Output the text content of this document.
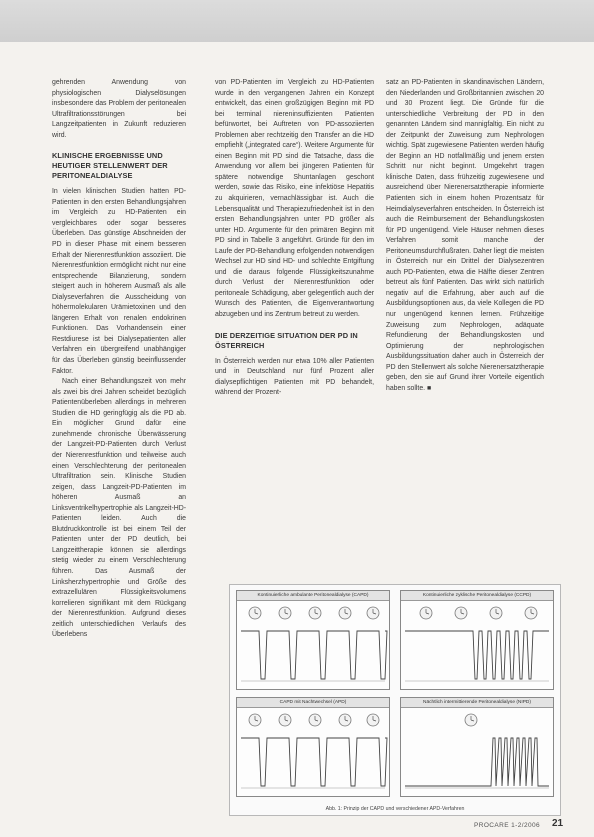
gehrenden Anwendung von physiologischen Dialyselösungen insbesondere das Problem der peritonealen Ultrafiltrationsstörungen bei Langzeitpatienten in Zukunft reduzieren wird.

KLINISCHE ERGEBNISSE UND HEUTIGER STELLENWERT DER PERITONEALDIALYSE

In vielen klinischen Studien hatten PD-Patienten in den ersten Behandlungsjahren im Vergleich zu HD-Patienten ein vergleichbares oder sogar besseres Überleben. Das günstige Abschneiden der PD in dieser Phase mit einem besseren Erhalt der Nierenrestfunktion assoziiert. Die Nierenrestfunktion ermöglicht nicht nur eine entsprechende Bilanzierung, sondern steigert auch in höherem Ausmaß als alle Dialyseverfahren die Ausscheidung von höhermolekularen Urämietoxinen und den längeren Erhalt von renalen endokrinen Funktionen. Das Vorhandensein einer Restdiurese ist bei Dialysepatienten aller Verfahren ein übergreifend unabhängiger für das Überleben günstig beeinflussender Faktor.

Nach einer Behandlungszeit von mehr als zwei bis drei Jahren scheidet bezüglich Patientenüberleben allerdings in mehreren Studien die HD geringfügig als die PD ab. Ein möglicher Grund dafür eine zunehmende chronische Überwässerung der Langzeit-PD-Patienten durch Verlust der Nierenrestfunktion und teilweise auch einen Verschlechterung der peritonealen Ultrafiltration sein. Klinische Studien zeigen, dass Langzeit-PD-Patienten im höheren Ausmaß an Linksventrikelhypertrophie als Langzeit-HD-Patienten leiden. Auch die Blutdruckkontrolle ist bei einem Teil der Patienten unter der PD deutlich, bei Langzeittherapie können sie allerdings stetig wieder zu einem Verschlechterung führen. Das Ausmaß der Linksherzhypertrophie und Größe des extrazellulären Flüssigkeitsvolumens korrelieren signifikant mit dem Rückgang der Nierenrestfunktion. Aufgrund dieses zeitlich unterschiedlichen Verlaufs des Überlebens

von PD-Patienten im Vergleich zu HD-Patienten wurde in den vergangenen Jahren ein Konzept entwickelt, das einen großzügigen Beginn mit PD bei terminal niereninsuffizienten Patienten befürwortet, bei Auftreten von PD-assoziierten Problemen aber rechtzeitig den Transfer an die HD empfiehlt („integrated care“). Weitere Argumente für einen Beginn mit PD sind die Tatsache, dass die Anwendung vor allem bei jüngeren Patienten für spätere notwendige Shuntanlagen geschont werden, sowie das Risiko, eine infektiöse Hepatitis zu akquirieren, vernachlässigbar ist. Auch die Lebensqualität und Therapiezufriedenheit ist in den ersten Behandlungsjahren unter PD größer als unter HD. Argumente für den primären Beginn mit PD sind in Tabelle 3 angeführt. Gründe für den im Laufe der PD-Behandlung erfolgenden notwendigen Wechsel zur HD sind HD- und schlechte Entgiftung und die daraus folgende Flüssigkeitszunahme durch Verlust der Nierenrestfunktion oder peritoneale Schädigung, aber gelegentlich auch der Wunsch des Patienten, die Eigenverantwortung abzugeben und ins Zentrum betreut zu werden.

DIE DERZEITIGE SITUATION DER PD IN ÖSTERREICH

In Österreich werden nur etwa 10% aller Patienten und in Deutschland nur fünf Prozent aller dialysepflichtigen Patienten mit PD behandelt, während der Prozent-

satz an PD-Patienten in skandinavischen Ländern, den Niederlanden und Großbritannien zwischen 20 und 30 Prozent liegt. Die Gründe für die unterschiedliche Verbreitung der PD in den genannten Ländern sind mannigfaltig. Ein nicht zu der Zeitpunkt der Zuweisung zum Nephrologen wichtig. Spät zugewiesene Patienten werden häufig der Beginn an HD notfallmäßig und jenem ersten Schritt nur nicht beginnt. Umgekehrt tragen klinische Daten, dass frühzeitig zugewiesene und ausreichend über Nierenersatztherapie informierte Patienten sich in einem hohen Prozentsatz für Heimdialyseverfahren entscheiden. In Österreich ist auch die Reimbursement der Behandlungskosten für PD ungenügend. Viele Häuser nehmen dieses Verfahren somit manche der Peritoneumsdurchflußraten. Daher liegt die meisten in Österreich nur ein Drittel der Dialysezentren auch PD-Patienten, etwa die Hälfte dieser Zentren betreut als fünf Patienten. Das wirkt sich natürlich negativ auf die Erfahrung, aber auch auf die Ausbildungsoptionen aus, da viele Kollegen die PD nur ungenügend kennen lernen. Frühzeitige Zuweisung zum Nephrologen, adäquate Refundierung der Behandlungskosten und Optimierung der nephrologischen Ausbildungssituation daher auch in Österreich der PD den Stellenwert als solche Nierenersatztherapie geben, den sie auf Grund ihrer Vorteile eigentlich haben sollte. ■

Kontinuierliche ambulante Peritonealdialyse (CAPD)	Kontinuierliche zyklische Peritonealdialyse (CCPD)
CAPD mit Nachtwechsel (APD)	Nächtlich intermittierende Peritonealdialyse (NIPD)
Abb. 1: Prinzip der CAPD und verschiedener APD-Verfahren
PROCARE 1-2/2006 21
